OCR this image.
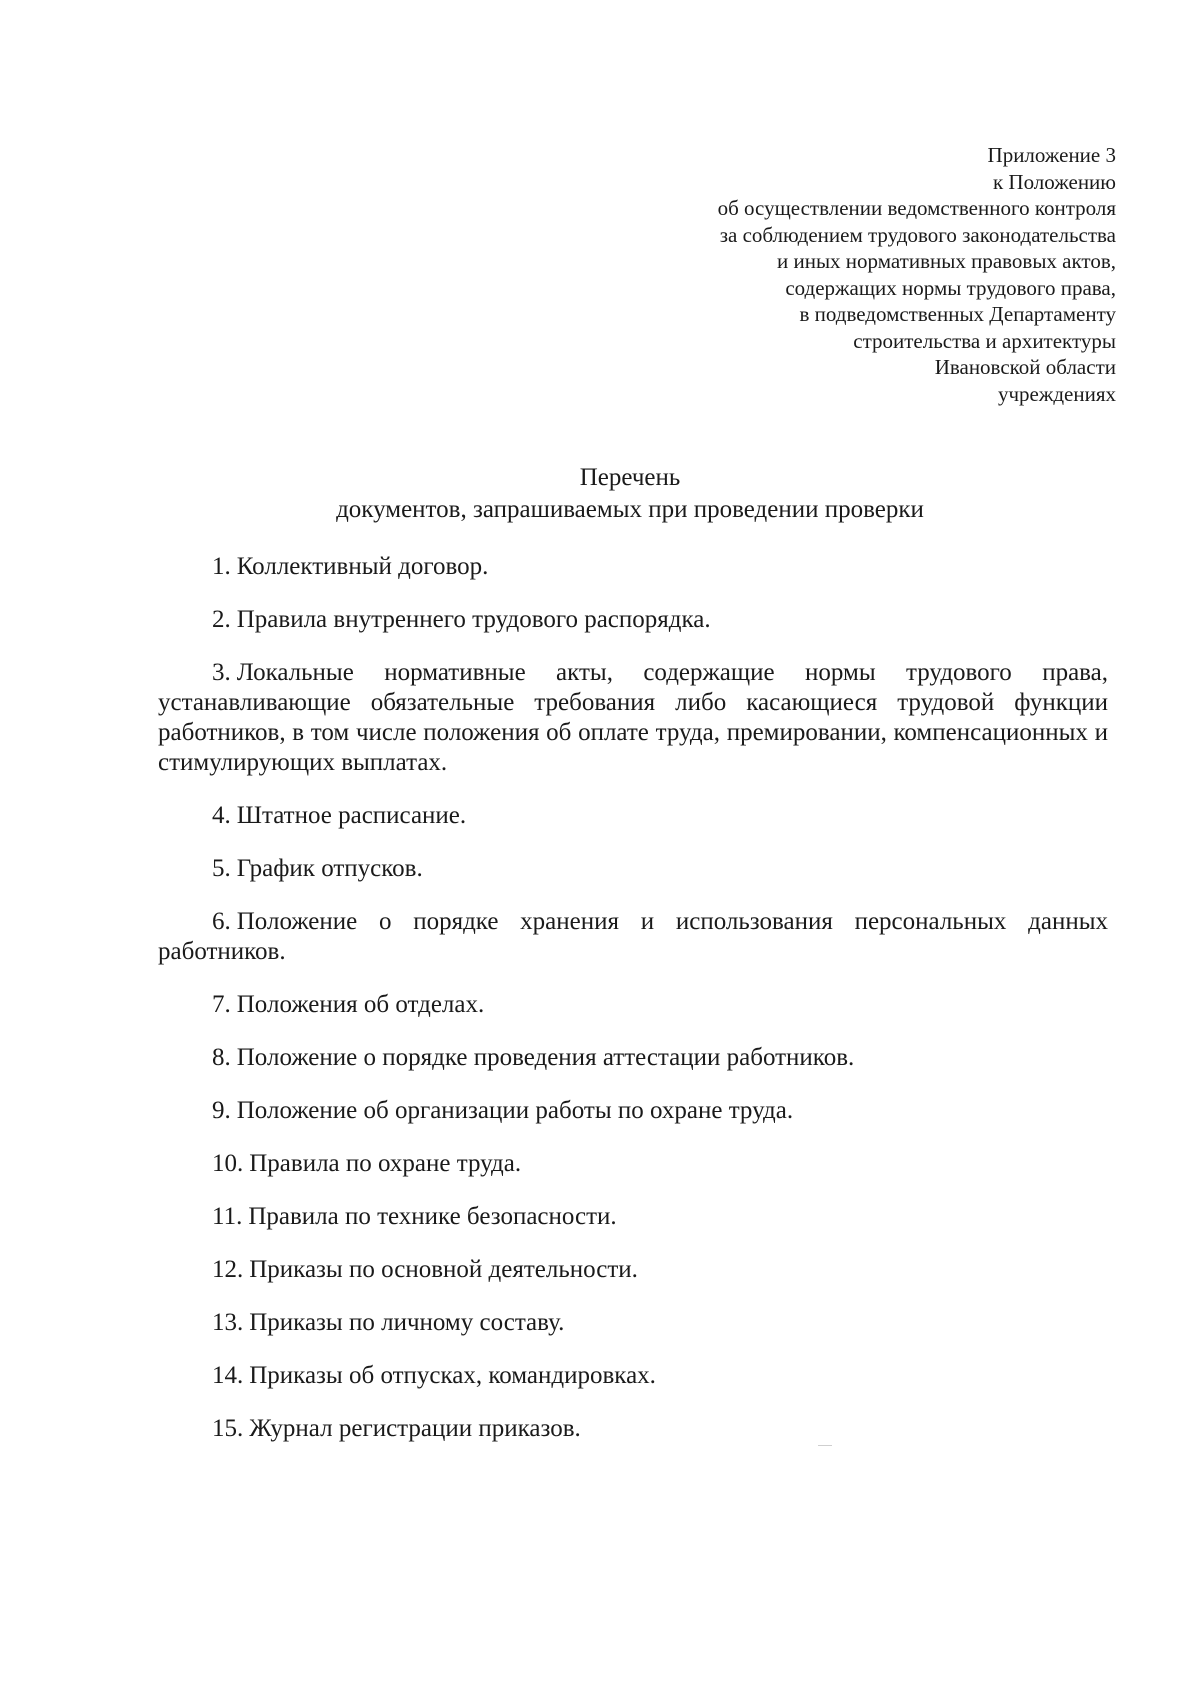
Приложение 3
к Положению
об осуществлении ведомственного контроля
за соблюдением трудового законодательства
и иных нормативных правовых актов,
содержащих нормы трудового права,
в подведомственных Департаменту
строительства и архитектуры
Ивановской области
учреждениях
Перечень
документов, запрашиваемых при проведении проверки

1. Коллективный договор.

2. Правила внутреннего трудового распорядка.

3. Локальные нормативные акты, содержащие нормы трудового права, устанавливающие обязательные требования либо касающиеся трудовой функции работников, в том числе положения об оплате труда, премировании, компенсационных и стимулирующих выплатах.

4. Штатное расписание.

5. График отпусков.

6. Положение о порядке хранения и использования персональных данных работников.

7. Положения об отделах.

8. Положение о порядке проведения аттестации работников.

9. Положение об организации работы по охране труда.

10. Правила по охране труда.

11. Правила по технике безопасности.

12. Приказы по основной деятельности.

13. Приказы по личному составу.

14. Приказы об отпусках, командировках.

15. Журнал регистрации приказов.
